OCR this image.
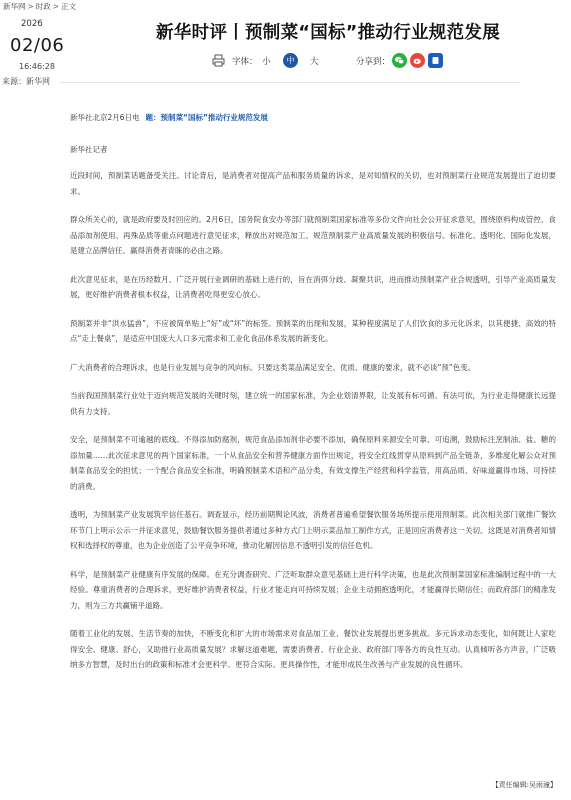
新华网 > 时政 > 正文
2026
02/06
16:46:28
来源：新华网
新华时评丨预制菜“国标”推动行业规范发展
字体： 小	中	大	分享到：
新华社北京2月6日电 题：预制菜“国标”推动行业规范发展
新华社记者

近段时间，预制菜话题备受关注。讨论背后，是消费者对提高产品和服务质量的诉求，是对知情权的关切，也对预制菜行业规范发展提出了迫切要求。

群众所关心的，就是政府要及时回应的。2月6日，国务院食安办等部门就预制菜国家标准等多份文件向社会公开征求意见，围绕原料构成管控、食品添加剂使用、再殊品质等重点问题进行意见征求，释放出对规范加工、规范预制菜产业高质量发展的积极信号。标准化、透明化、国际化发展，是建立品牌信任、赢得消费者青睐的必由之路。

此次意见征求，是在历经数月、广泛开展行业调研的基础上进行的，旨在消弭分歧、凝聚共识，进而推动预制菜产业合规透明，引导产业高质量发展，更好维护消费者根本权益，让消费者吃得更安心放心。

预制菜并非“洪水猛兽”，不应被简单贴上“好”或“坏”的标签。预制菜的出现和发展，某种程度满足了人们饮食的多元化诉求，以其便捷、高效的特点“走上餐桌”，是适应中国庞大人口多元需求和工业化食品体系发展的新变化。

广大消费者的合理诉求，也是行业发展与竞争的风向标。只要这类菜品满足安全、优质、健康的要求，就不必谈“预”色变。

当前我国预制菜行业处于迈向规范发展的关键时刻，建立统一的国家标准，为企业划清界限，让发展有标可循、有法可依，为行业走得健康长远提供有力支持。

安全，是预制菜不可逾越的底线。不得添加防腐剂，规范食品添加剂非必要不添加，确保原料来源安全可靠、可追溯，鼓励标注烹制油、盐、糖的添加量……此次征求意见的两个国家标准，一个从食品安全和营养健康方面作出规定，将安全红线贯穿从原料到产品全链条，多维度化解公众对预制菜食品安全的担忧；一个配合食品安全标准，明确预制菜术语和产品分类，有效支撑生产经营和科学监管，用高品质、好味道赢得市场、可持续的消费。

透明，为预制菜产业发展筑牢信任基石。调查显示，经历前期舆论风波，消费者普遍希望餐饮服务场所提示使用预制菜。此次相关部门就推广餐饮环节门上明示公示一并征求意见，鼓励餐饮服务提供者通过多种方式门上明示菜品加工制作方式，正是回应消费者这一关切。这既是对消费者知情权和选择权的尊重，也为企业创造了公平竞争环境，推动化解因信息不透明引发的信任危机。

科学，是预制菜产业健康有序发展的保障。在充分调查研究、广泛听取群众意见基础上进行科学决策，也是此次预制菜国家标准编制过程中的一大经验。尊重消费者的合理诉求，更好维护消费者权益，行业才能走向可持续发展；企业主动拥抱透明化，才能赢得长期信任；而政府部门的精准发力，则为三方共赢铺平道路。

随着工业化的发展、生活节奏的加快，不断变化和扩大的市场需求对食品加工业、餐饮业发展提出更多挑战。多元诉求动态变化，如何既让人家吃得安全、健康、舒心，又助推行业高质量发展？求解这道难题，需要消费者、行业企业、政府部门等各方的良性互动。认真倾听各方声音，广泛吸纳多方智慧，及时出台的政策和标准才会更科学、更符合实际、更具操作性，才能形成民生改善与产业发展的良性循环。

【责任编辑:吴雨潼】
